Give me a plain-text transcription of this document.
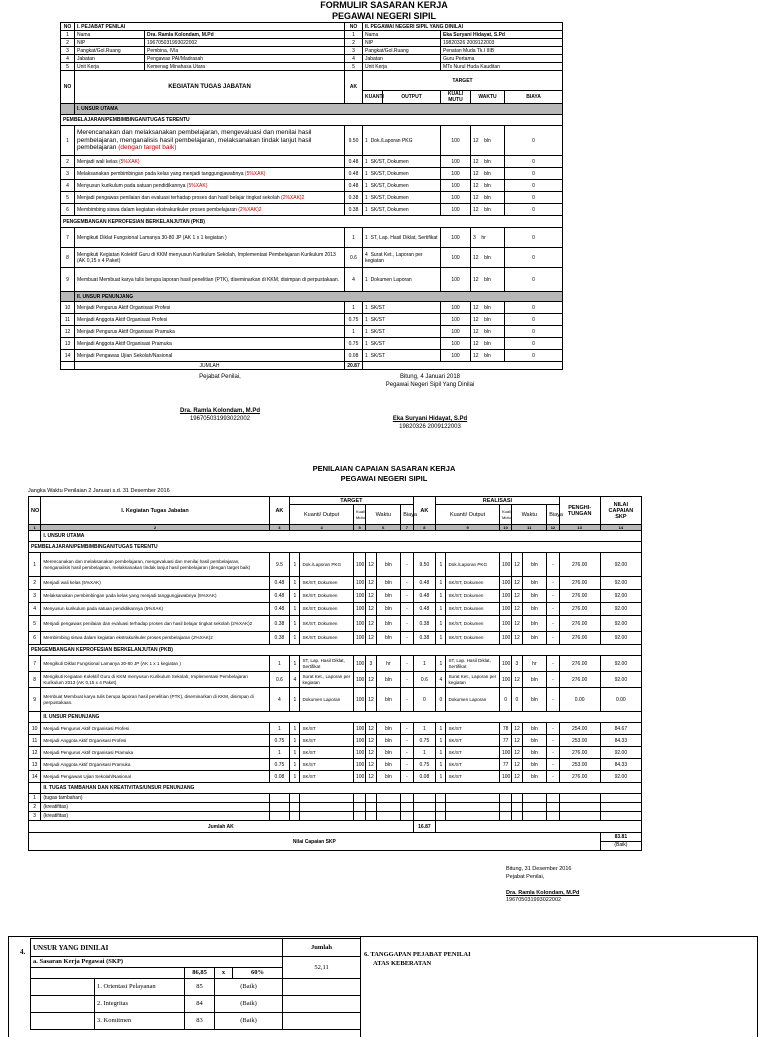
FORMULIR SASARAN KERJA
PEGAWAI NEGERI SIPIL
NO	I. PEJABAT PENILAI		NO	II. PEGAWAI NEGERI SIPIL YANG DINILAI				
1	Nama	Dra. Ramla Kolondam, M.Pd	1	Nama		Eka Suryani Hidayat, S.Pd		
2	NIP	196705031993022002	2	NIP		19820326 2009122003		
3	Pangkat/Gol.Ruang	Pembina, IVla	3	Pangkat/Gol.Ruang		Penatan Muda Tk.I IIIB		
4	Jabatan	Pengawas PAI/Madrasah	4	Jabatan		Guru Pertama		
5	Unit Kerja	Kemenag Minahasa Utara	5	Unit Kerja		MTs Nurul Huda Kauditan		
NO	KEGIATAN TUGAS JABATAN		AK	TARGET				
				KUANTI	OUTPUT	KUALI MUTU	WAKTU	BIAYA
	I. UNSUR UTAMA							
PEMBELAJARAN/PEMBIMBINGAN/TUGAS TERENTU								
1	Merencanakan dan melaksanakan pembelajaran, mengevaluasi dan menilai hasil pembelajaran, menganalisis hasil pembelajaran, melaksanakan tindak lanjut hasil pembelajaran (dengan target baik)		9.50	1 Dok./Laporan PKG		100	12 bln	0
2	Menjadi wali kelas (5%XAK)		0.48	1 SK/ST, Dokumen		100	12 bln	0
3	Melaksanakan pembimbingan pada kelas yang menjadi tanggungjawabnya (5%XAK)		0.48	1 SK/ST, Dokumen		100	12 bln	0
4	Menyusun kurikulum pada satuan pendidikannya (5%XAK)		0.48	1 SK/ST, Dokumen		100	12 bln	0
5	Menjadi pengawas penilaian dan evaluasi terhadap proses dan hasil belajar tingkat sekolah (2%XAK)2		0.38	1 SK/ST, Dokumen		100	12 bln	0
6	Membimbing siswa dalam kegiatan ekstrakurikuler proses pembelajaran (2%XAK)2		0.38	1 SK/ST, Dokumen		100	12 bln	0
PENGEMBANGAN KEPROFESIAN BERKELANJUTAN (PKB)								
7	Mengikuti Diklat Fungsional Lamanya 30-80 JP (AK 1 x 1 kegiatan )		1	1 ST, Lap. Hasil Diklat, Sertifikat		100	3 hr	0
8	Mengikuti Kegiatan Kolektif Guru di KKM menyusun Kurikulum Sekolah, Implementasi Pembelajaran Kurikulum 2013 (AK 0,15 x 4 Paket)		0.6	4 Surat Ket., Laporan per kegiatan		100	12 bln	0
9	Membuat Membuat karya tulis berupa laporan hasil penelitian (PTK), diseminarkan di KKM, disimpan di perpustakaan.		4	1 Dokumen Laporan		100	12 bln	0
	II. UNSUR PENUNJANG							
10	Menjadi Pengurus Aktif Organisasi Profesi		1	1 SK/ST		100	12 bln	0
11	Menjadi Anggota Aktif Organisasi Profesi		0.75	1 SK/ST		100	12 bln	0
12	Menjadi Pengurus Aktif Organisasi Pramuka		1	1 SK/ST		100	12 bln	0
13	Menjadi Anggota Aktif Organisasi Pramuka		0.75	1 SK/ST		100	12 bln	0
14	Menjadi Pengawas Ujian Sekolah/Nasional		0.08	1 SK/ST		100	12 bln	0
	JUMLAH		20.87					
Pejabat Penilai,	Bitung, 4 Januari 2018
Pegawai Negeri Sipil Yang Dinilai
Dra. Ramla Kolondam, M.Pd
196705031993022002	Eka Suryani Hidayat, S.Pd
19820326 2009122003
PENILAIAN CAPAIAN SASARAN KERJA
PEGAWAI NEGERI SIPIL
Jangka Waktu Penilaian 2 Januari s.d. 31 Desember 2016
NO	I. Kegiatan Tugas Jabatan	AK	TARGET						AK	REALISASI						PENGHI-TUNGAN	NILAI CAPAIAN SKP
			Kuanti/ Output		Kual/ Mutu	Waktu		Biaya		Kuanti/ Output		Kual/ Mutu	Waktu		Biaya		
1	2	3	4		5	6		7	8	9		10	11		12	13	14
	I. UNSUR UTAMA																
PEMBELAJARAN/PEMBIMBINGAN/TUGAS TERENTU																	
1	Merencanakan dan melaksanakan pembelajaran, mengevaluasi dan menilai hasil pembelajaran, menganalisis hasil pembelajaran, melaksanakan tindak lanjut hasil pembelajaran (dengan target baik)	9.5	1	Dok./Laporan PKG	100	12	bln	-	9.50	1	Dok./Laporan PKG	100	12	bln	-	276.00	92.00
2	Menjadi wali kelas (5%XAK)	0.48	1	SK/ST, Dokumen	100	12	bln	-	0.48	1	SK/ST, Dokumen	100	12	bln	-	276.00	92.00
3	Melaksanakan pembimbingan pada kelas yang menjadi tanggungjawabnya (5%XAK)	0.48	1	SK/ST, Dokumen	100	12	bln	-	0.48	1	SK/ST, Dokumen	100	12	bln	-	276.00	92.00
4	Menyusun kurikulum pada satuan pendidikannya (5%XAK)	0.48	1	SK/ST, Dokumen	100	12	bln	-	0.48	1	SK/ST, Dokumen	100	12	bln	-	276.00	92.00
5	Menjadi pengawas penilaian dan evaluasi terhadap proses dan hasil belajar tingkat sekolah (2%XAK)2	0.38	1	SK/ST, Dokumen	100	12	bln	-	0.38	1	SK/ST, Dokumen	100	12	bln	-	276.00	92.00
6	Membimbing siswa dalam kegiatan ekstrakurikuler proses pembelajaran (2%XAK)2	0.38	1	SK/ST, Dokumen	100	12	bln	-	0.38	1	SK/ST, Dokumen	100	12	bln	-	276.00	92.00
PENGEMBANGAN KEPROFESIAN BERKELANJUTAN (PKB)																	
7	Mengikuti Diklat Fungsional Lamanya 30-80 JP (AK 1 x 1 kegiatan )	1	1	ST, Lap. Hasil Diklat, Sertifikat	100	3	hr	-	1	1	ST, Lap. Hasil Diklat, Sertifikat	100	3	hr	-	276.00	92.00
8	Mengikuti Kegiatan Kolektif Guru di KKM menyusun Kurikulum Sekolah, Implementasi Pembelajaran Kurikulum 2013 (AK 0,15 x 4 Paket)	0.6	4	Surat Ket., Laporan per kegiatan	100	12	bln	-	0.6	4	Surat Ket., Laporan per kegiatan	100	12	bln	-	276.00	92.00
9	Membuat Membuat karya tulis berupa laporan hasil penelitian (PTK), diseminarkan di KKM, disimpan di perpustakaan.	4	1	Dokumen Laporan	100	12	bln	-	0	0	Dokumen Laporan	0	0	bln	-	0.00	0.00
	II. UNSUR PENUNJANG																
10	Menjadi Pengurus Aktif Organisasi Profesi	1	1	SK/ST	100	12	bln	-	1	1	SK/ST	78	12	bln	-	254.00	84.67
11	Menjadi Anggota Aktif Organisasi Profesi	0.75	1	SK/ST	100	12	bln	-	0.75	1	SK/ST	77	12	bln	-	253.00	84.33
12	Menjadi Pengurus Aktif Organisasi Pramuka	1	1	SK/ST	100	12	bln	-	1	1	SK/ST	100	12	bln	-	276.00	92.00
13	Menjadi Anggota Aktif Organisasi Pramuka	0.75	1	SK/ST	100	12	bln	-	0.75	1	SK/ST	77	12	bln	-	253.00	84.33
14	Menjadi Pengawas Ujian Sekolah/Nasional	0.08	1	SK/ST	100	12	bln	-	0.08	1	SK/ST	100	12	bln	-	276.00	92.00
	II. TUGAS TAMBAHAN DAN KREATIVITAS/UNSUR PENUNJANG																
1	(tugas tambahan)																
2	(kreatifitas)																
3	(kreatifitas)																
Jumlah AK									16.87								
Nilai Capaian SKP																	83.81
(Baik)
Bitung, 31 Desember 2016
Pejabat Penilai,
Dra. Ramla Kolondam, M.Pd
196705031993022002
4.
UNSUR YANG DINILAI					Jumlah
a. Sasaran Kerja Pegawai (SKP)					52,11
		86,85	x	60%	
	1. Orientasi Pelayanan	85	(Baik)		
	2. Integritas	84	(Baik)		
	3. Komitmen	83	(Baik)		
6. TANGGAPAN PEJABAT PENILAI
ATAS KEBERATAN
